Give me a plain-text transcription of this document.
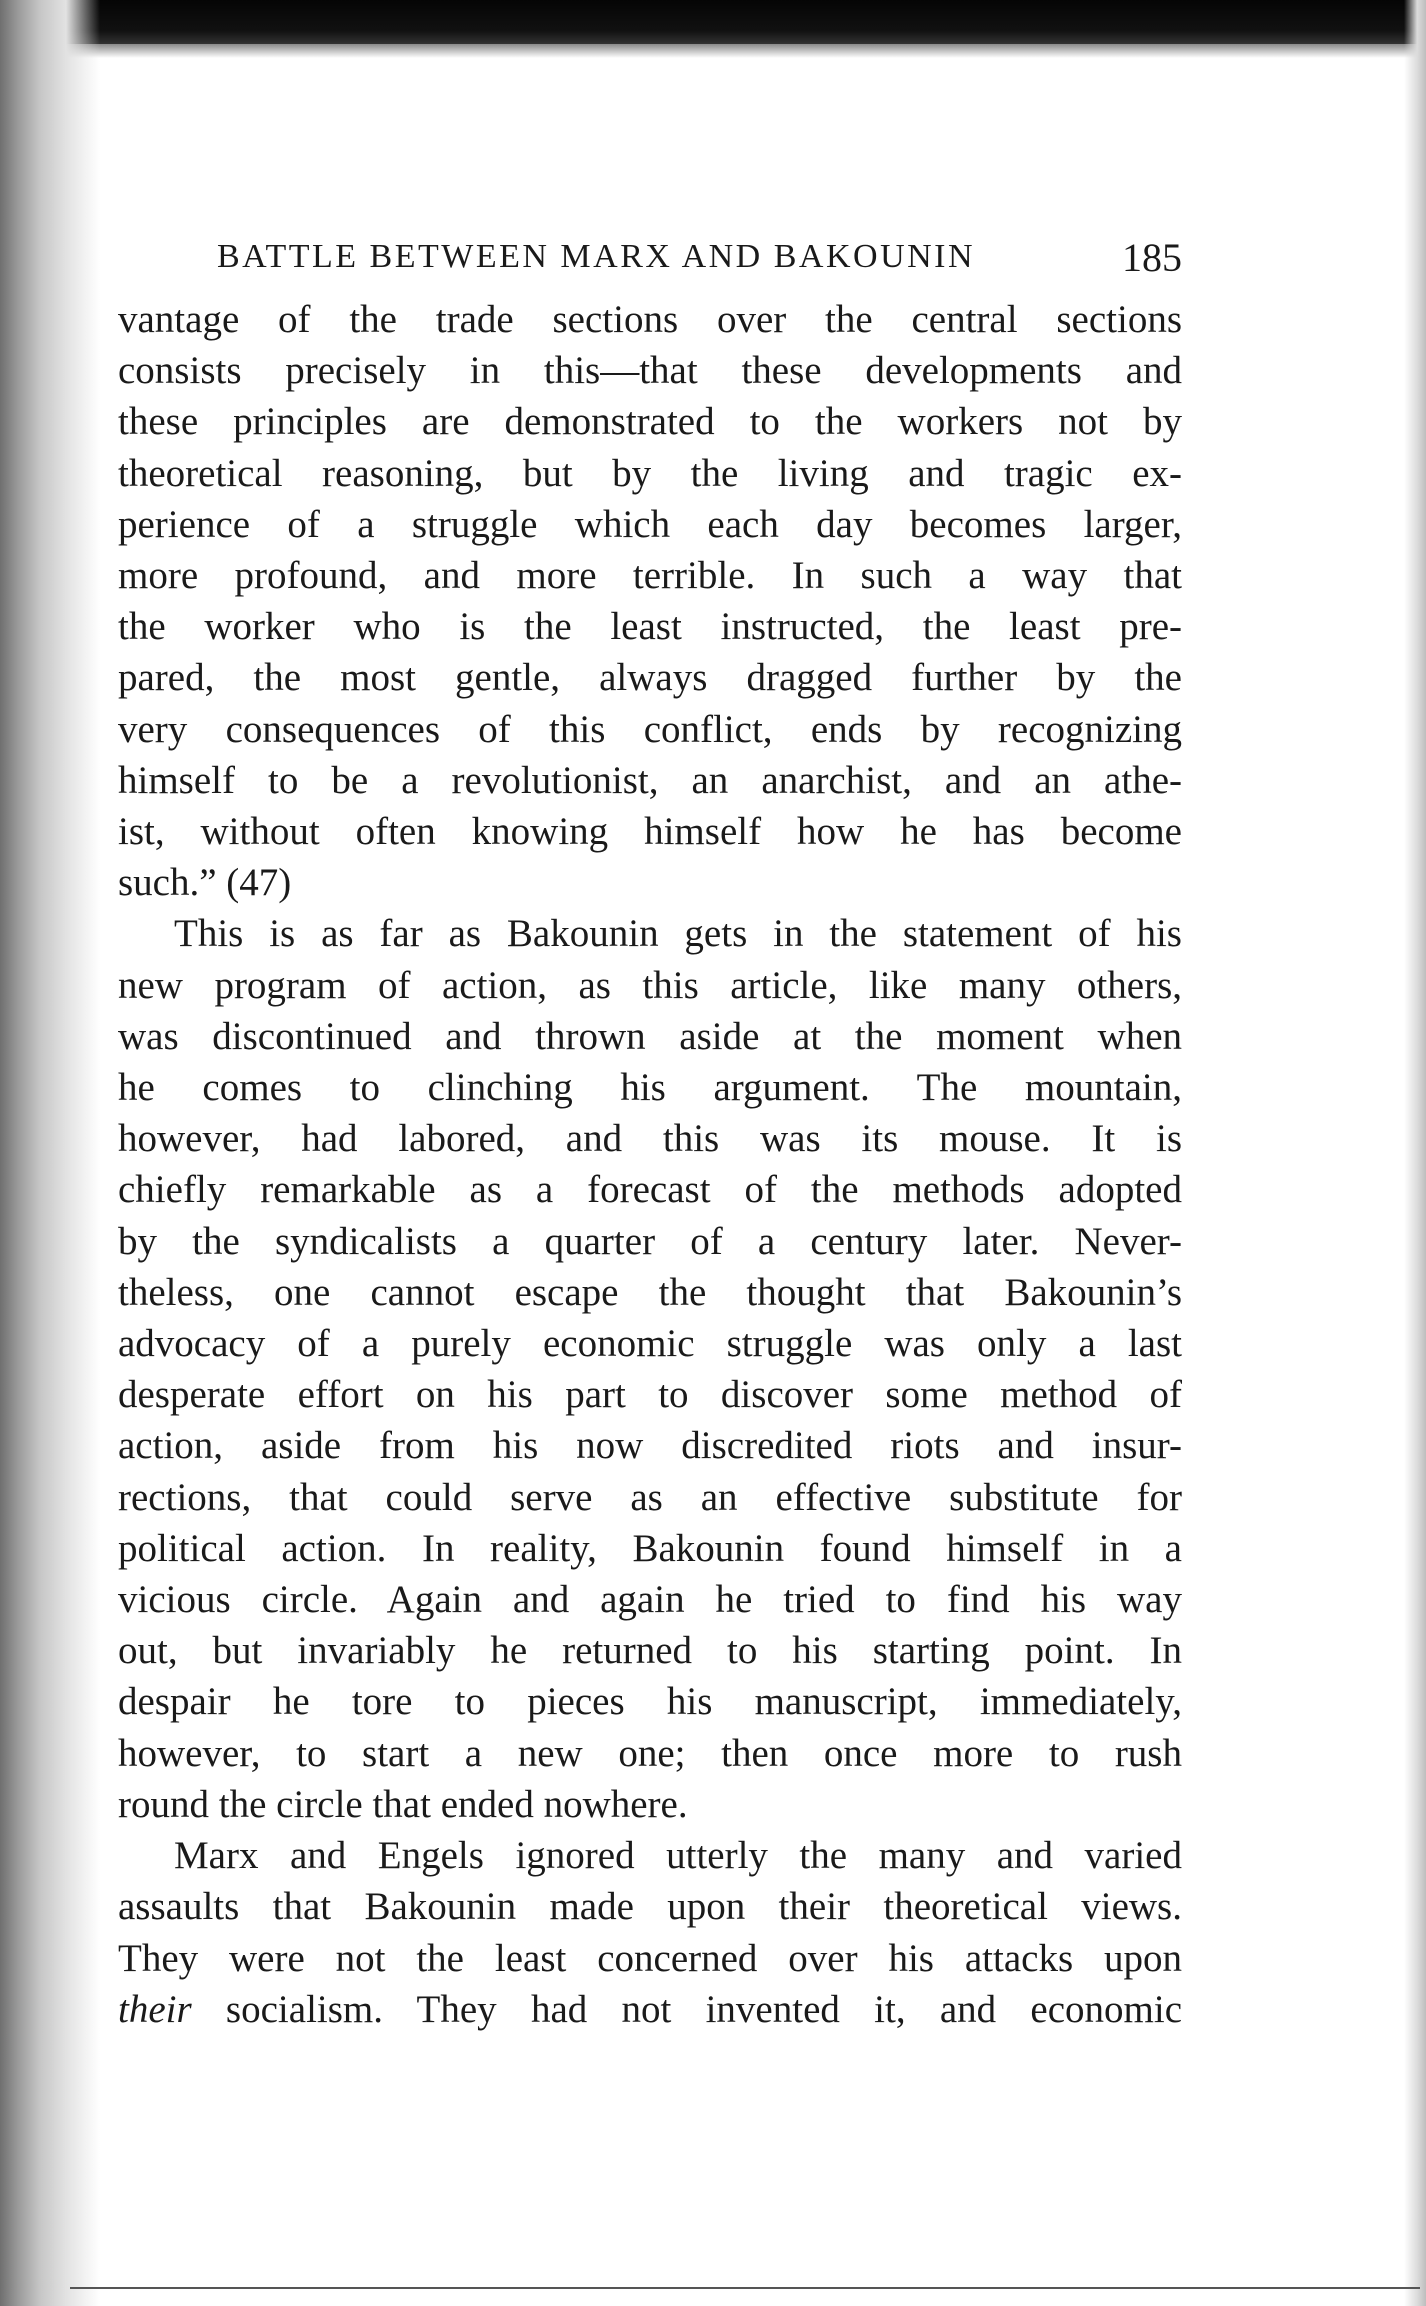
BATTLE BETWEEN MARX AND BAKOUNIN	185

vantage of the trade sections over the central sections
consists precisely in this—that these developments and
these principles are demonstrated to the workers not by
theoretical reasoning, but by the living and tragic ex-
perience of a struggle which each day becomes larger,
more profound, and more terrible. In such a way that
the worker who is the least instructed, the least pre-
pared, the most gentle, always dragged further by the
very consequences of this conflict, ends by recognizing
himself to be a revolutionist, an anarchist, and an athe-
ist, without often knowing himself how he has become
such.” (47)

This is as far as Bakounin gets in the statement of his
new program of action, as this article, like many others,
was discontinued and thrown aside at the moment when
he comes to clinching his argument. The mountain,
however, had labored, and this was its mouse. It is
chiefly remarkable as a forecast of the methods adopted
by the syndicalists a quarter of a century later. Never-
theless, one cannot escape the thought that Bakounin’s
advocacy of a purely economic struggle was only a last
desperate effort on his part to discover some method of
action, aside from his now discredited riots and insur-
rections, that could serve as an effective substitute for
political action. In reality, Bakounin found himself in a
vicious circle. Again and again he tried to find his way
out, but invariably he returned to his starting point. In
despair he tore to pieces his manuscript, immediately,
however, to start a new one; then once more to rush
round the circle that ended nowhere.

Marx and Engels ignored utterly the many and varied
assaults that Bakounin made upon their theoretical views.
They were not the least concerned over his attacks upon
their socialism. They had not invented it, and economic
